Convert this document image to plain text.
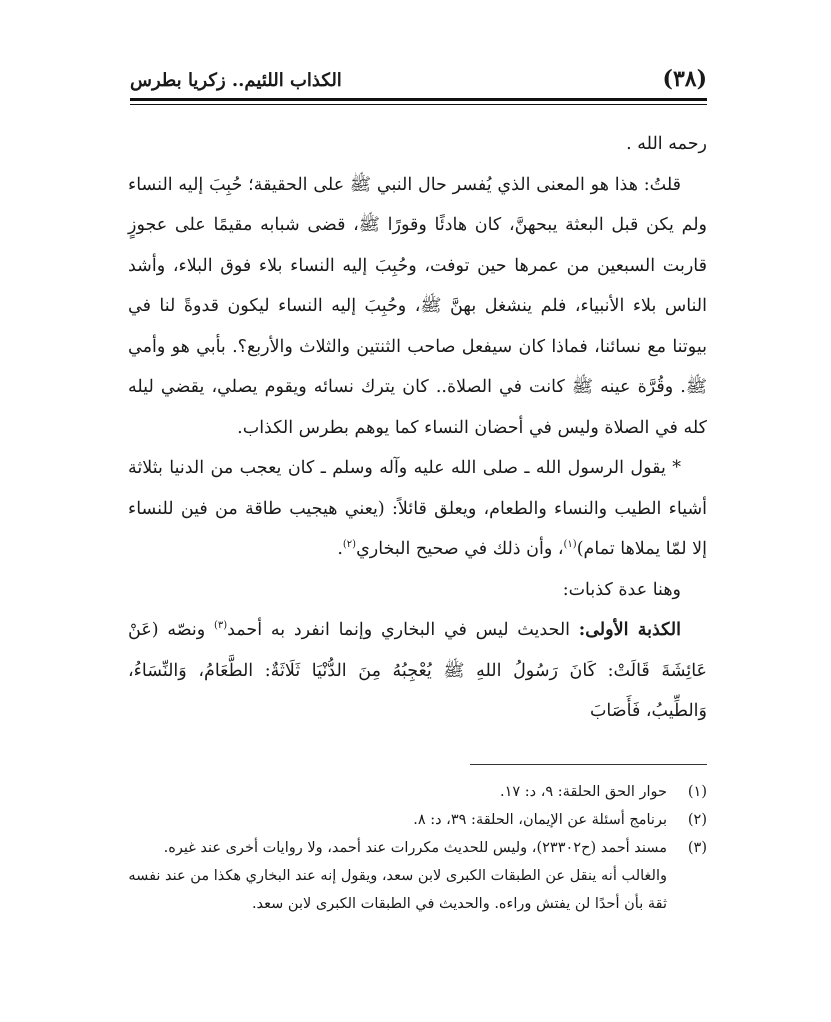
(٣٨)
الكذاب اللئيم.. زكريا بطرس

رحمه الله .

قلتُ: هذا هو المعنى الذي يُفسر حال النبي ﷺ على الحقيقة؛ حُبِبَ إليه النساء ولم يكن قبل البعثة يبحهنَّ، كان هادئًا وقورًا ﷺ، قضى شبابه مقيمًا على عجوزٍ قاربت السبعين من عمرها حين توفت، وحُبِبَ إليه النساء بلاء فوق البلاء، وأشد الناس بلاء الأنبياء، فلم ينشغل بهنَّ ﷺ، وحُبِبَ إليه النساء ليكون قدوةً لنا في بيوتنا مع نسائنا، فماذا كان سيفعل صاحب الثنتين والثلاث والأربع؟. بأبي هو وأمي ﷺ. وقُرَّة عينه ﷺ كانت في الصلاة.. كان يترك نسائه ويقوم يصلي، يقضي ليله كله في الصلاة وليس في أحضان النساء كما يوهم بطرس الكذاب.

* يقول الرسول الله ـ صلى الله عليه وآله وسلم ـ كان يعجب من الدنيا بثلاثة أشياء الطيب والنساء والطعام، ويعلق قائلاً: (يعني هيجيب طاقة من فين للنساء إلا لمّا يملاها تمام)$^{(١)}$، وأن ذلك في صحيح البخاري$^{(٢)}$.

وهنا عدة كذبات:

الكذبة الأولى: الحديث ليس في البخاري وإنما انفرد به أحمد$^{(٣)}$ ونصّه (عَنْ عَائِشَةَ قَالَتْ: كَانَ رَسُولُ اللهِ ﷺ يُعْجِبُهُ مِنَ الدُّنْيَا ثَلَاثَةٌ: الطَّعَامُ، وَالنِّسَاءُ، وَالطِّيبُ، فَأَصَابَ

(١)
حوار الحق الحلقة: ٩، د: ١٧.
(٢)
برنامج أسئلة عن الإيمان، الحلقة: ٣٩، د: ٨.
(٣)
مسند أحمد (ح٢٣٣٠٢)، وليس للحديث مكررات عند أحمد، ولا روايات أخرى عند غيره. والغالب أنه ينقل عن الطبقات الكبرى لابن سعد، ويقول إنه عند البخاري هكذا من عند نفسه ثقة بأن أحدًا لن يفتش وراءه. والحديث في الطبقات الكبرى لابن سعد.
